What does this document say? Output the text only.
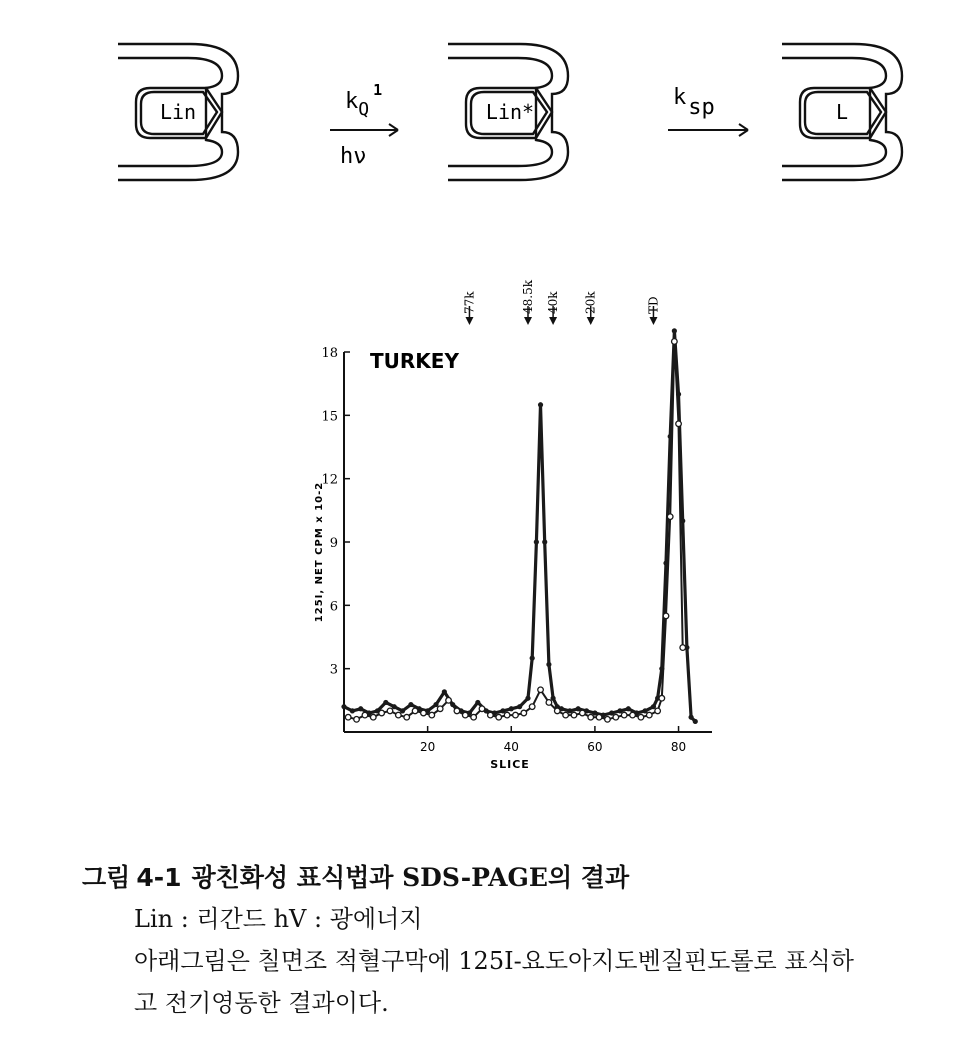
Lin	$k_Q^1$
hν
Lin*
ksp	L
3
6
9
12
15
18
20	40	60	80
77k	48.5k 40k 20k	TD
TURKEY
SLICE
125I, NET CPM x 10-2
그림 4-1 광친화성 표식법과 SDS-PAGE의 결과
Lin : 리간드 hV : 광에너지
아래그림은 칠면조 적혈구막에 125I-요도아지도벤질핀도롤로 표식하
고 전기영동한 결과이다.
